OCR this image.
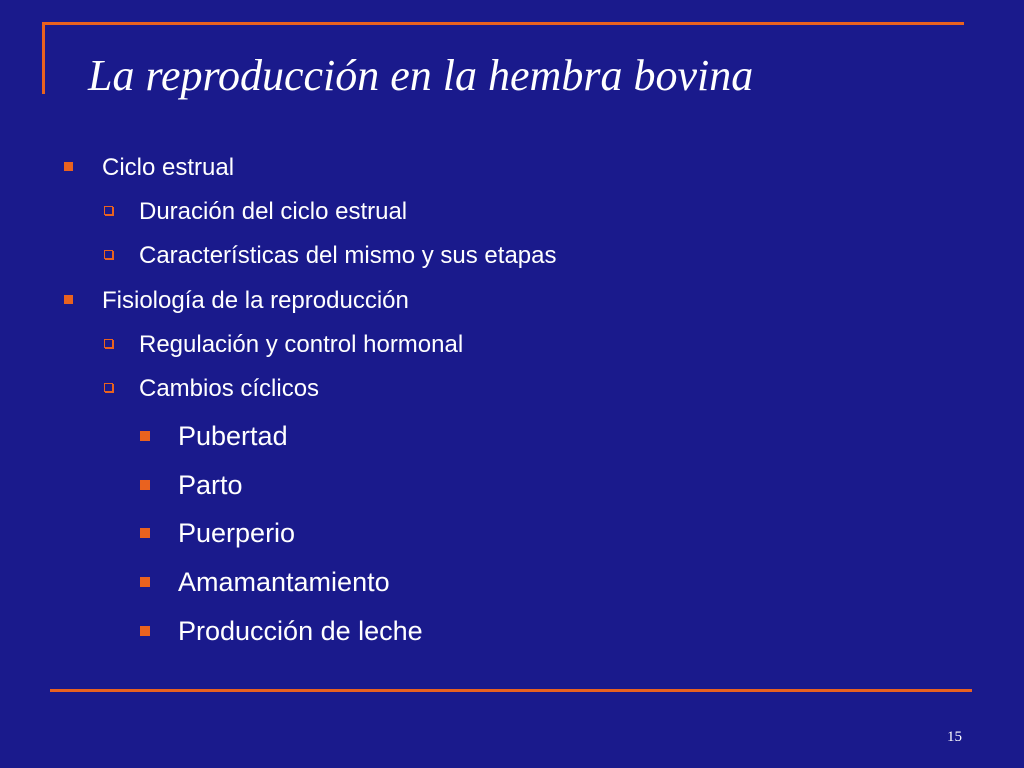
La reproducción en la hembra bovina
Ciclo estrual
Duración del ciclo estrual
Características del mismo y sus etapas
Fisiología de la reproducción
Regulación y control hormonal
Cambios cíclicos
Pubertad
Parto
Puerperio
Amamantamiento
Producción de leche
15
